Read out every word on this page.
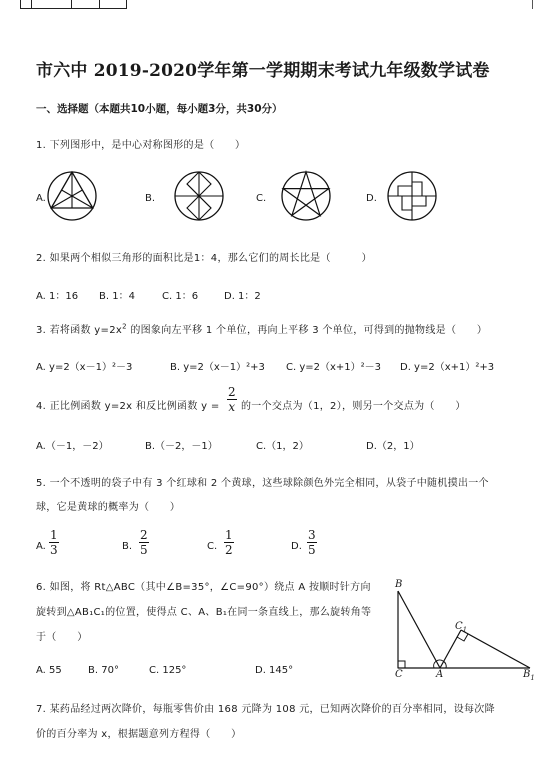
市六中 2019-2020学年第一学期期末考试九年级数学试卷
一、选择题（本题共10小题，每小题3分，共30分）
1. 下列图形中，是中心对称图形的是（　　）
A.	B.	C.	D.
2. 如果两个相似三角形的面积比是1：4，那么它们的周长比是（　　　）
A. 1：16 B. 1：4	C. 1：6	D. 1：2
3. 若将函数 $y=2x^2$ 的图象向左平移 1 个单位，再向上平移 3 个单位，可得到的抛物线是（　　）
A. y=2（x－1）²－3	B. y=2（x－1）²+3 C. y=2（x+1）²－3 D. y=2（x+1）²+3
4. 正比例函数 y=2x 和反比例函数 $y = \frac{2}{x}$ 的一个交点为（1，2），则另一个交点为（　　）
A.（－1，－2）	B.（－2，－1）	C.（1，2）	D.（2，1）
5. 一个不透明的袋子中有 3 个红球和 2 个黄球，这些球除颜色外完全相同，从袋子中随机摸出一个
球，它是黄球的概率为（　　）
A. $\frac{1}{3}$	B. $\frac{2}{5}$	C. $\frac{1}{2}$	D. $\frac{3}{5}$
6. 如图，将 Rt△ABC（其中∠B=35°，∠C=90°）绕点 A 按顺时针方向
旋转到△AB₁C₁的位置，使得点 C、A、B₁在同一条直线上，那么旋转角等
于（　　）
A. 55	B. 70°	C. 125°	D. 145°
B
C	A	$B_1$
$C_1$
7. 某药品经过两次降价，每瓶零售价由 168 元降为 108 元，已知两次降价的百分率相同，设每次降
价的百分率为 x，根据题意列方程得（　　）
